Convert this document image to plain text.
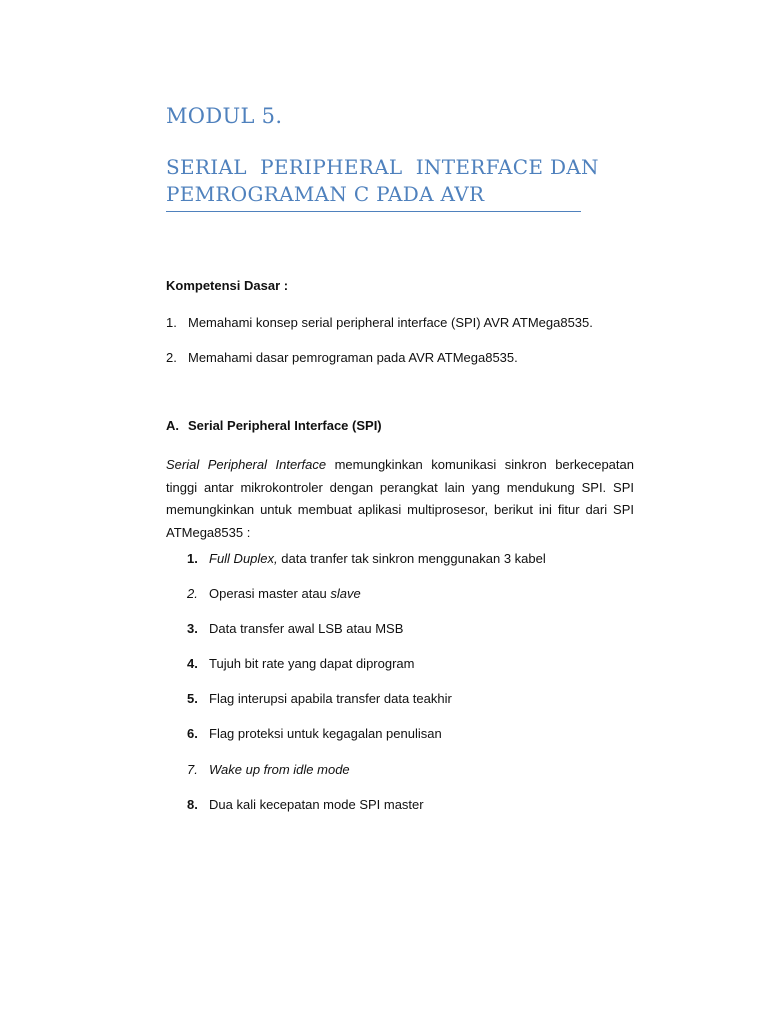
MODUL 5.
SERIAL  PERIPHERAL  INTERFACE DAN
PEMROGRAMAN C PADA AVR
Kompetensi Dasar :
1. Memahami konsep serial peripheral interface (SPI) AVR ATMega8535.
2. Memahami dasar pemrograman pada AVR ATMega8535.
A. Serial Peripheral Interface (SPI)

Serial Peripheral Interface memungkinkan komunikasi sinkron berkecepatan tinggi antar mikrokontroler dengan perangkat lain yang mendukung SPI. SPI memungkinkan untuk membuat aplikasi multiprosesor, berikut ini fitur dari SPI ATMega8535 :

1. Full Duplex, data tranfer tak sinkron menggunakan 3 kabel
2. Operasi master atau slave
3. Data transfer awal LSB atau MSB
4. Tujuh bit rate yang dapat diprogram
5. Flag interupsi apabila transfer data teakhir
6. Flag proteksi untuk kegagalan penulisan
7. Wake up from idle mode
8. Dua kali kecepatan mode SPI master
